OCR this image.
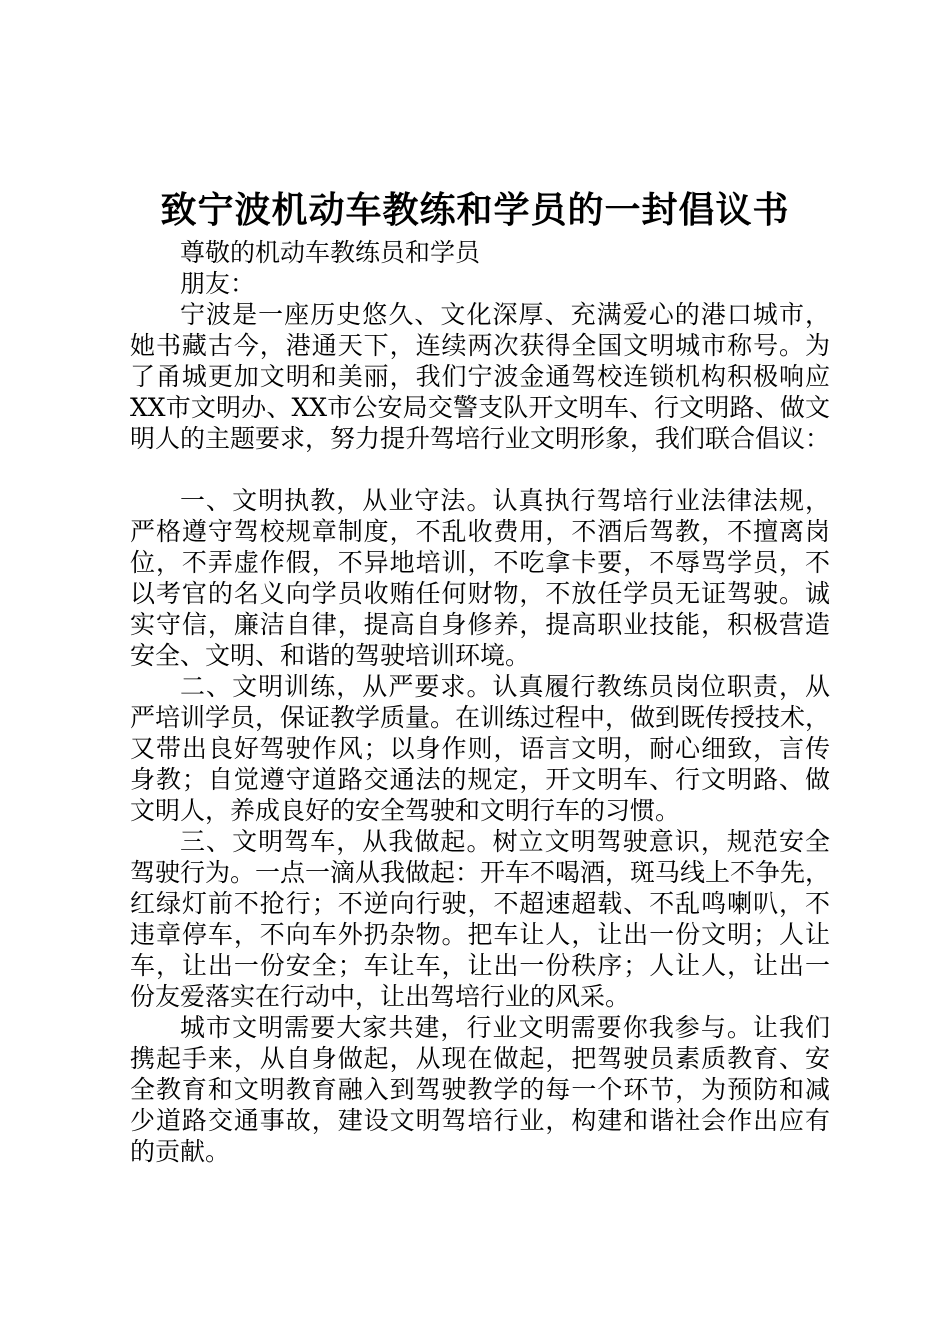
致宁波机动车教练和学员的一封倡议书

尊敬的机动车教练员和学员

朋友：

宁波是一座历史悠久、文化深厚、充满爱心的港口城市，

她书藏古今，港通天下，连续两次获得全国文明城市称号。为

了甬城更加文明和美丽，我们宁波金通驾校连锁机构积极响应

XX市文明办、XX市公安局交警支队开文明车、行文明路、做文

明人的主题要求，努力提升驾培行业文明形象，我们联合倡议：

一、文明执教，从业守法。认真执行驾培行业法律法规，

严格遵守驾校规章制度，不乱收费用，不酒后驾教，不擅离岗

位，不弄虚作假，不异地培训，不吃拿卡要，不辱骂学员，不

以考官的名义向学员收贿任何财物，不放任学员无证驾驶。诚

实守信，廉洁自律，提高自身修养，提高职业技能，积极营造

安全、文明、和谐的驾驶培训环境。

二、文明训练，从严要求。认真履行教练员岗位职责，从

严培训学员，保证教学质量。在训练过程中，做到既传授技术，

又带出良好驾驶作风；以身作则，语言文明，耐心细致，言传

身教；自觉遵守道路交通法的规定，开文明车、行文明路、做

文明人，养成良好的安全驾驶和文明行车的习惯。

三、文明驾车，从我做起。树立文明驾驶意识，规范安全

驾驶行为。一点一滴从我做起：开车不喝酒，斑马线上不争先，

红绿灯前不抢行；不逆向行驶，不超速超载、不乱鸣喇叭，不

违章停车，不向车外扔杂物。把车让人，让出一份文明；人让

车，让出一份安全；车让车，让出一份秩序；人让人，让出一

份友爱落实在行动中，让出驾培行业的风采。

城市文明需要大家共建，行业文明需要你我参与。让我们

携起手来，从自身做起，从现在做起，把驾驶员素质教育、安

全教育和文明教育融入到驾驶教学的每一个环节，为预防和减

少道路交通事故，建设文明驾培行业，构建和谐社会作出应有

的贡献。
